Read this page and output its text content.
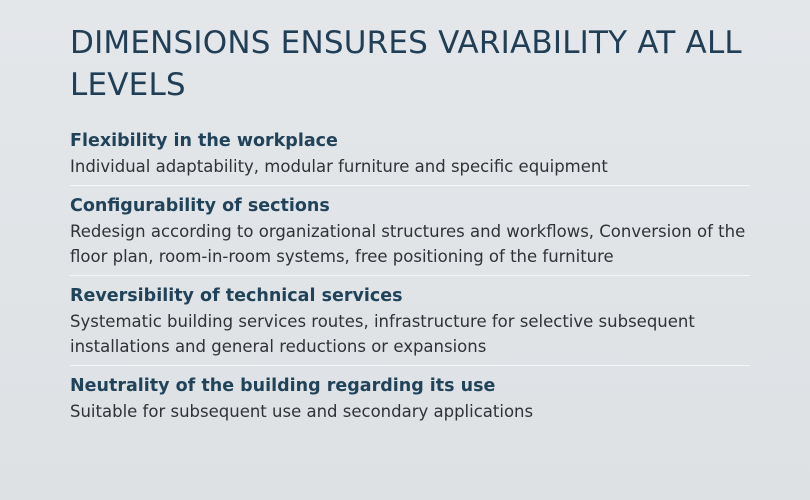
DIMENSIONS ENSURES VARIABILITY AT ALL LEVELS

Flexibility in the workplace

Individual adaptability, modular furniture and specific equipment

Configurability of sections

Redesign according to organizational structures and workflows, Conversion of the floor plan, room-in-room systems, free positioning of the furniture

Reversibility of technical services

Systematic building services routes, infrastructure for selective subsequent installations and general reductions or expansions

Neutrality of the building regarding its use

Suitable for subsequent use and secondary applications
